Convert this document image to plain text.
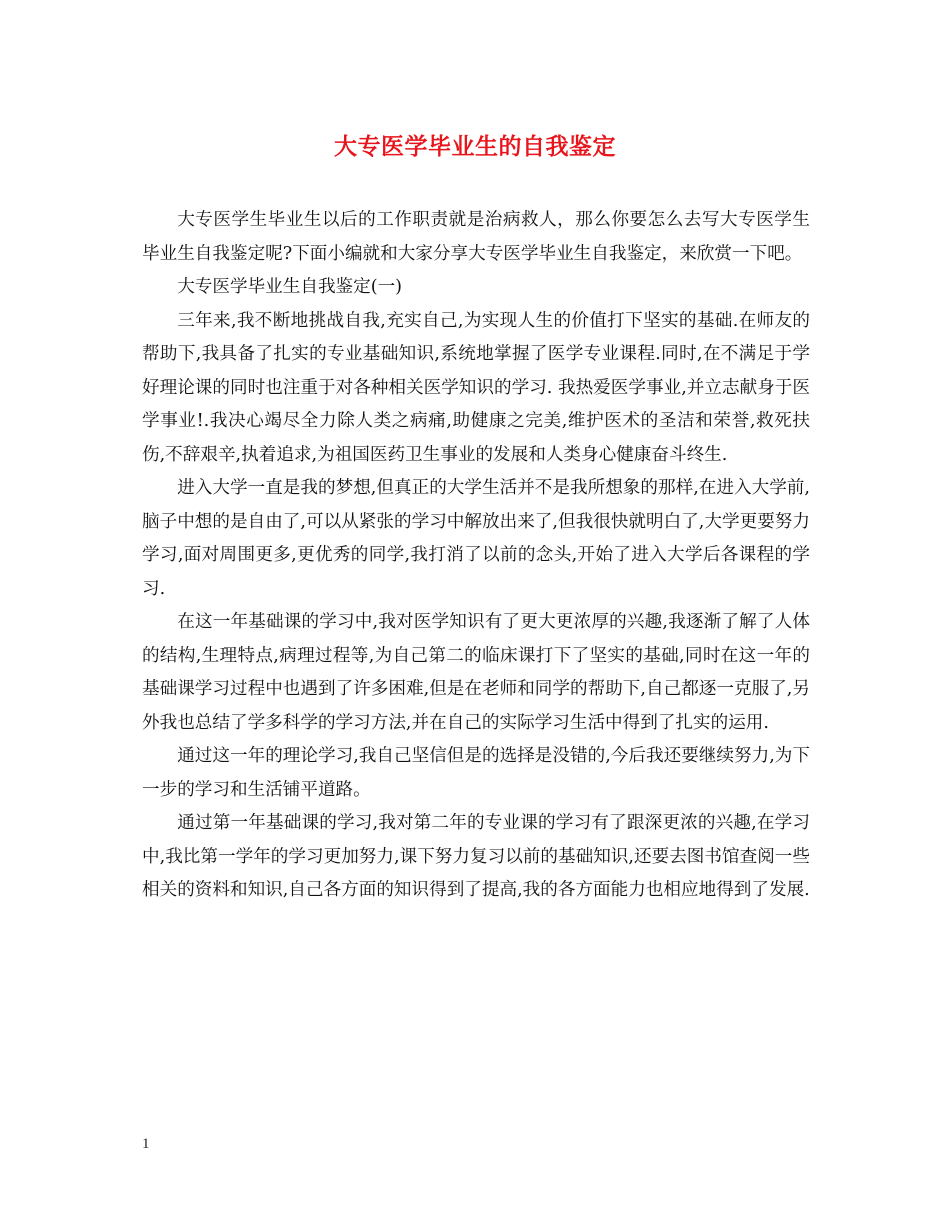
大专医学毕业生的自我鉴定

大专医学生毕业生以后的工作职责就是治病救人，那么你要怎么去写大专医学生毕业生自我鉴定呢?下面小编就和大家分享大专医学毕业生自我鉴定，来欣赏一下吧。

大专医学毕业生自我鉴定(一)

三年来,我不断地挑战自我,充实自己,为实现人生的价值打下坚实的基础.在师友的帮助下,我具备了扎实的专业基础知识,系统地掌握了医学专业课程.同时,在不满足于学好理论课的同时也注重于对各种相关医学知识的学习. 我热爱医学事业,并立志献身于医学事业!.我决心竭尽全力除人类之病痛,助健康之完美,维护医术的圣洁和荣誉,救死扶伤,不辞艰辛,执着追求,为祖国医药卫生事业的发展和人类身心健康奋斗终生.

进入大学一直是我的梦想,但真正的大学生活并不是我所想象的那样,在进入大学前,脑子中想的是自由了,可以从紧张的学习中解放出来了,但我很快就明白了,大学更要努力学习,面对周围更多,更优秀的同学,我打消了以前的念头,开始了进入大学后各课程的学习.

在这一年基础课的学习中,我对医学知识有了更大更浓厚的兴趣,我逐渐了解了人体的结构,生理特点,病理过程等,为自己第二的临床课打下了坚实的基础,同时在这一年的基础课学习过程中也遇到了许多困难,但是在老师和同学的帮助下,自己都逐一克服了,另外我也总结了学多科学的学习方法,并在自己的实际学习生活中得到了扎实的运用.

通过这一年的理论学习,我自己坚信但是的选择是没错的,今后我还要继续努力,为下一步的学习和生活铺平道路。

通过第一年基础课的学习,我对第二年的专业课的学习有了跟深更浓的兴趣,在学习中,我比第一学年的学习更加努力,课下努力复习以前的基础知识,还要去图书馆查阅一些相关的资料和知识,自己各方面的知识得到了提高,我的各方面能力也相应地得到了发展.

1
